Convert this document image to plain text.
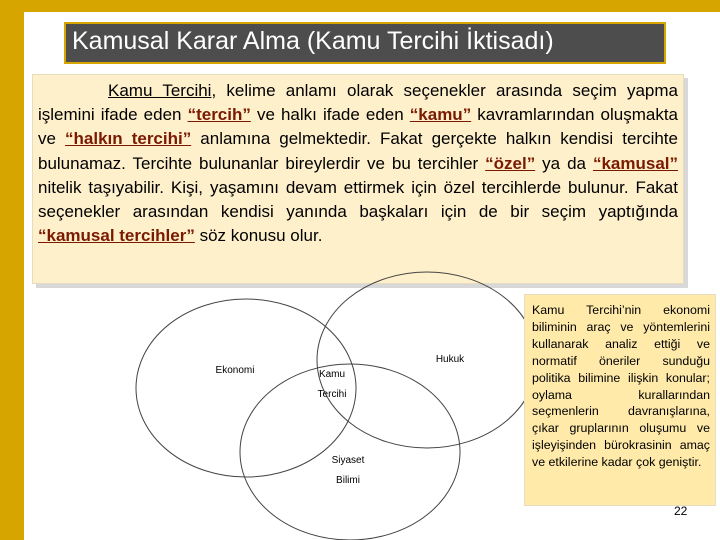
Kamusal Karar Alma (Kamu Tercihi İktisadı)
Kamu Tercihi, kelime anlamı olarak seçenekler arasında seçim yapma işlemini ifade eden “tercih” ve halkı ifade eden “kamu” kavramlarından oluşmakta ve “halkın tercihi” anlamına gelmektedir. Fakat gerçekte halkın kendisi tercihte bulunamaz. Tercihte bulunanlar bireylerdir ve bu tercihler “özel” ya da “kamusal” nitelik taşıyabilir. Kişi, yaşamını devam ettirmek için özel tercihlerde bulunur. Fakat seçenekler arasından kendisi yanında başkaları için de bir seçim yaptığında “kamusal tercihler” söz konusu olur.
Ekonomi
Hukuk
Kamu
Tercihi
Siyaset
Bilimi
Kamu Tercihi’nin ekonomi biliminin araç ve yöntemlerini kullanarak analiz ettiği ve normatif öneriler sunduğu politika bilimine ilişkin konular; oylama kurallarından seçmenlerin davranışlarına, çıkar gruplarının oluşumu ve işleyişinden bürokrasinin amaç ve etkilerine kadar çok geniştir.
22
